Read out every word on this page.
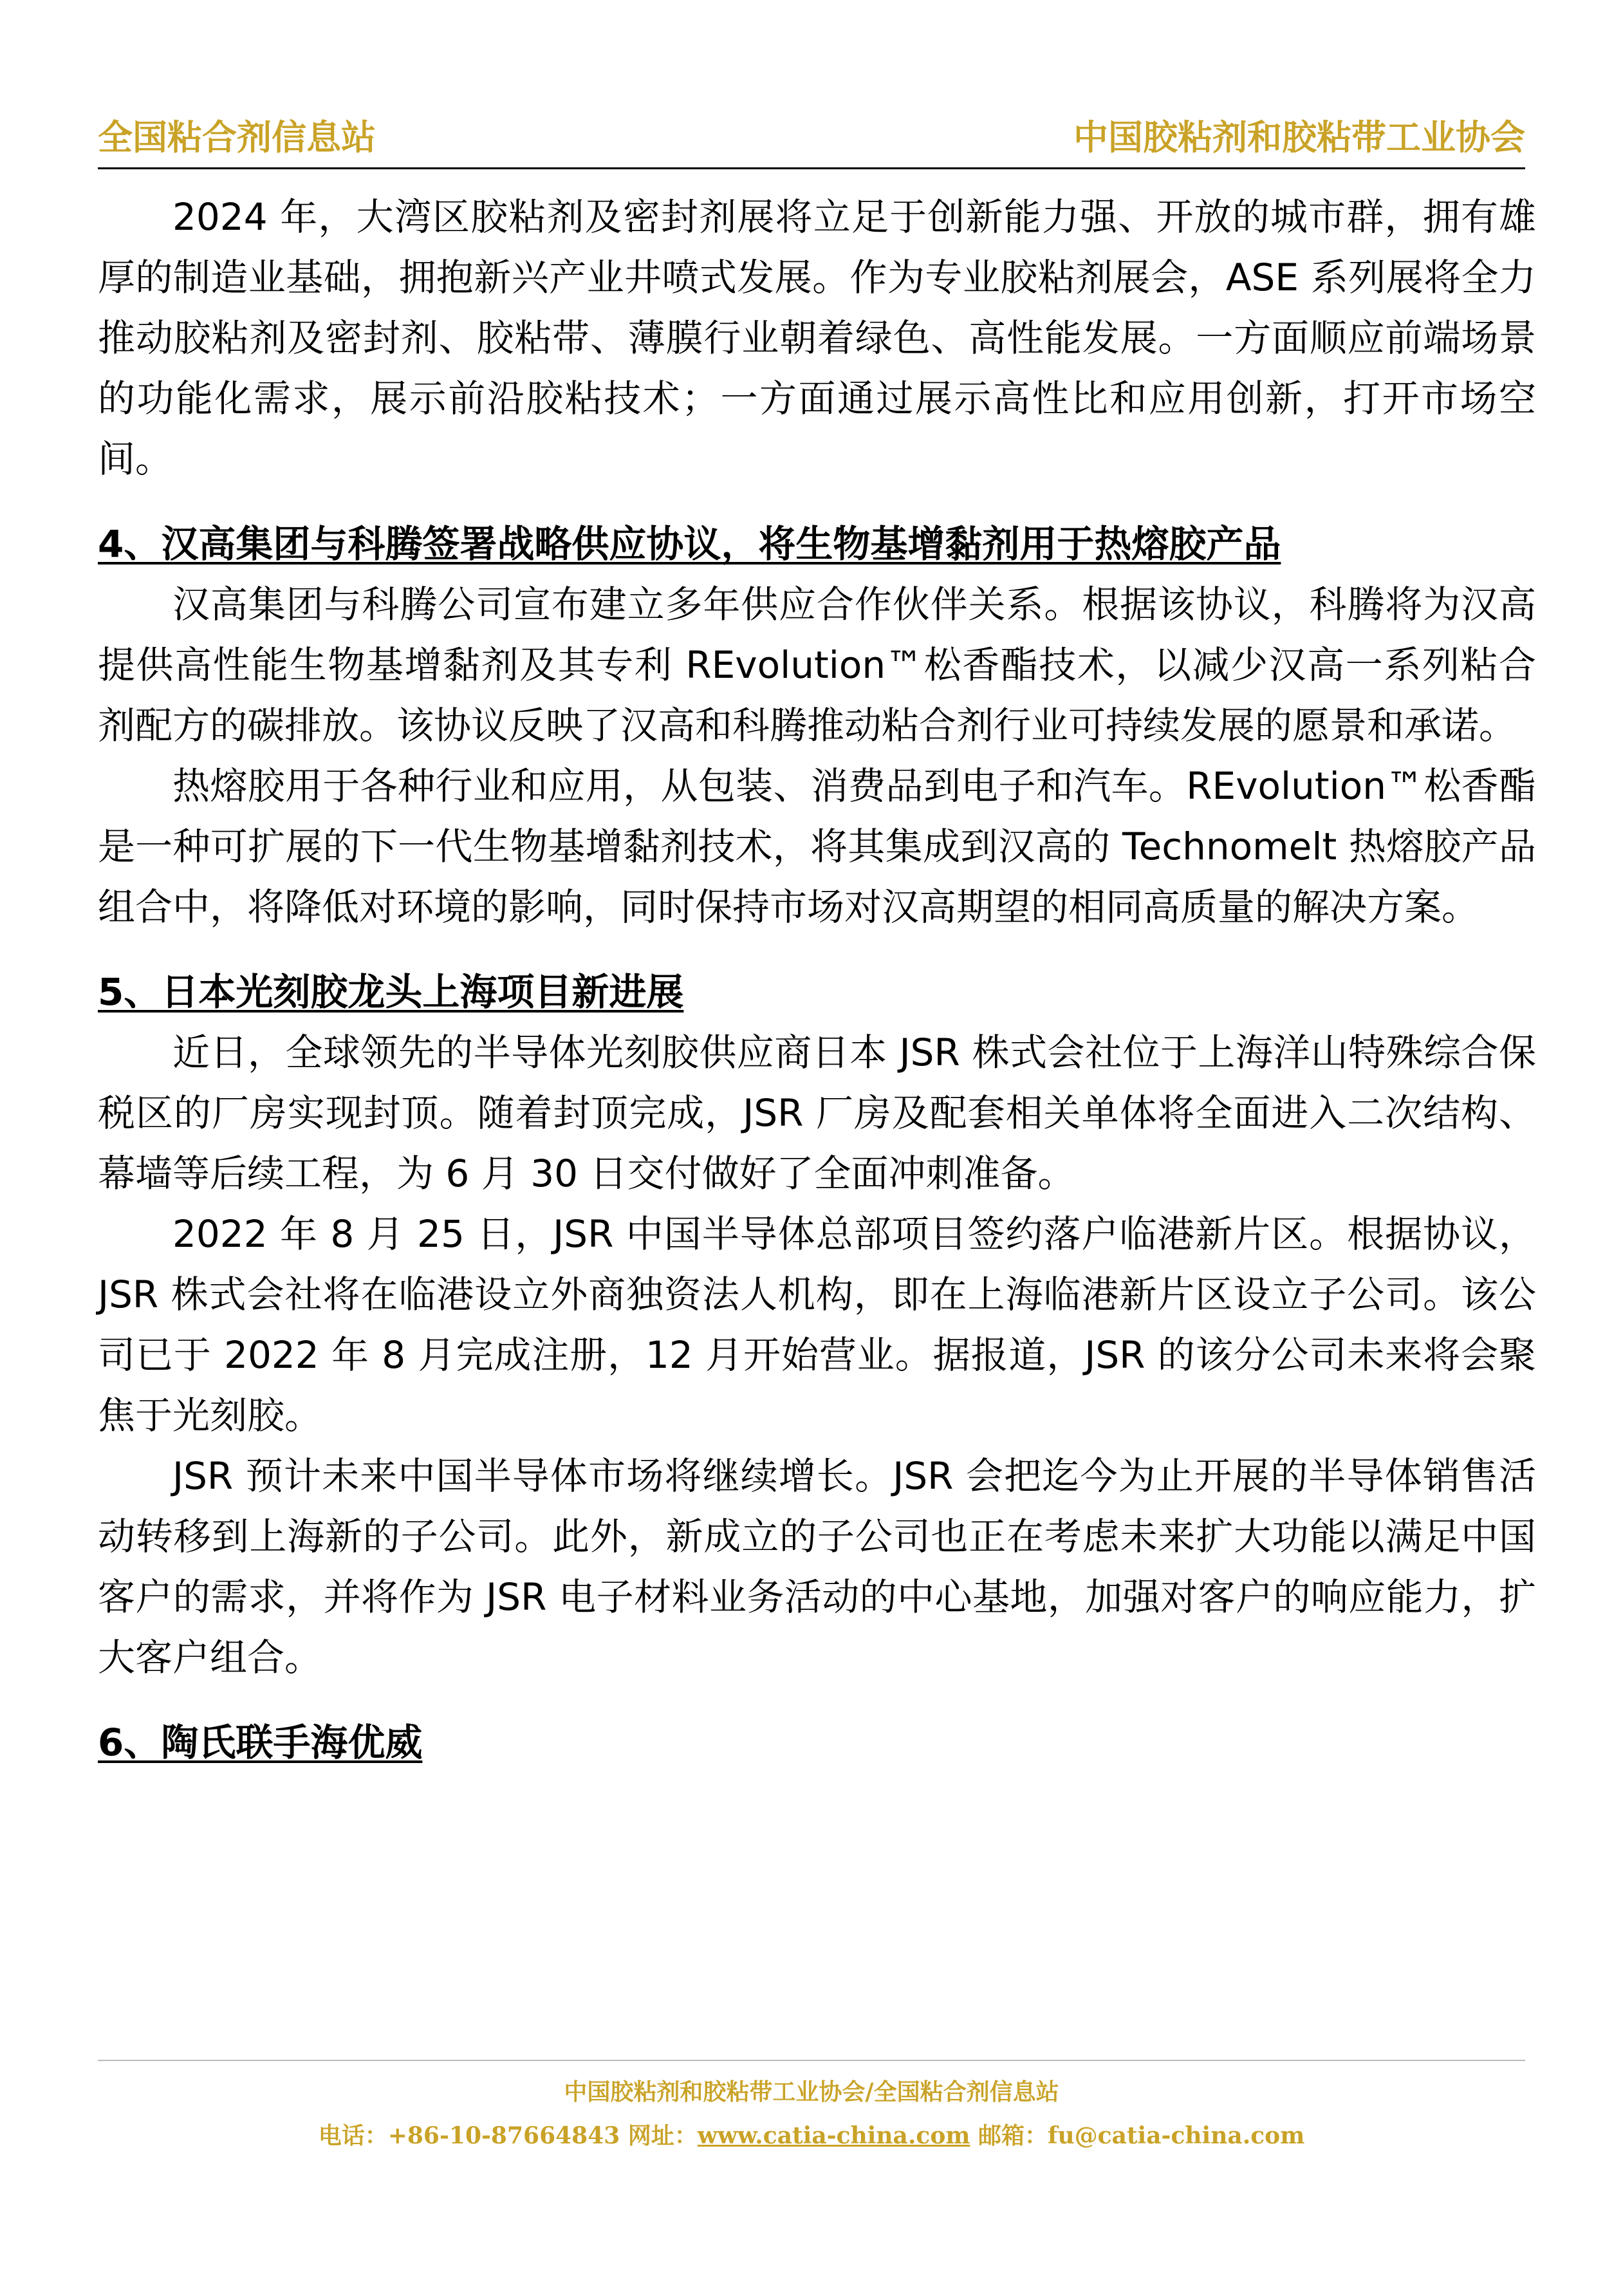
全国粘合剂信息站	中国胶粘剂和胶粘带工业协会

2024 年，大湾区胶粘剂及密封剂展将立足于创新能力强、开放的城市群，拥有雄厚的制造业基础，拥抱新兴产业井喷式发展。作为专业胶粘剂展会，ASE 系列展将全力推动胶粘剂及密封剂、胶粘带、薄膜行业朝着绿色、高性能发展。一方面顺应前端场景的功能化需求，展示前沿胶粘技术；一方面通过展示高性比和应用创新，打开市场空间。

4、汉高集团与科腾签署战略供应协议，将生物基增黏剂用于热熔胶产品

汉高集团与科腾公司宣布建立多年供应合作伙伴关系。根据该协议，科腾将为汉高提供高性能生物基增黏剂及其专利 REvolution™松香酯技术，以减少汉高一系列粘合剂配方的碳排放。该协议反映了汉高和科腾推动粘合剂行业可持续发展的愿景和承诺。

热熔胶用于各种行业和应用，从包装、消费品到电子和汽车。REvolution™松香酯是一种可扩展的下一代生物基增黏剂技术，将其集成到汉高的 Technomelt 热熔胶产品组合中，将降低对环境的影响，同时保持市场对汉高期望的相同高质量的解决方案。

5、日本光刻胶龙头上海项目新进展

近日，全球领先的半导体光刻胶供应商日本 JSR 株式会社位于上海洋山特殊综合保税区的厂房实现封顶。随着封顶完成，JSR 厂房及配套相关单体将全面进入二次结构、幕墙等后续工程，为 6 月 30 日交付做好了全面冲刺准备。

2022 年 8 月 25 日，JSR 中国半导体总部项目签约落户临港新片区。根据协议，JSR 株式会社将在临港设立外商独资法人机构，即在上海临港新片区设立子公司。该公司已于 2022 年 8 月完成注册，12 月开始营业。据报道，JSR 的该分公司未来将会聚焦于光刻胶。

JSR 预计未来中国半导体市场将继续增长。JSR 会把迄今为止开展的半导体销售活动转移到上海新的子公司。此外，新成立的子公司也正在考虑未来扩大功能以满足中国客户的需求，并将作为 JSR 电子材料业务活动的中心基地，加强对客户的响应能力，扩大客户组合。

6、陶氏联手海优威

中国胶粘剂和胶粘带工业协会/全国粘合剂信息站
电话：+86-10-87664843 网址：www.catia-china.com 邮箱：fu@catia-china.com
